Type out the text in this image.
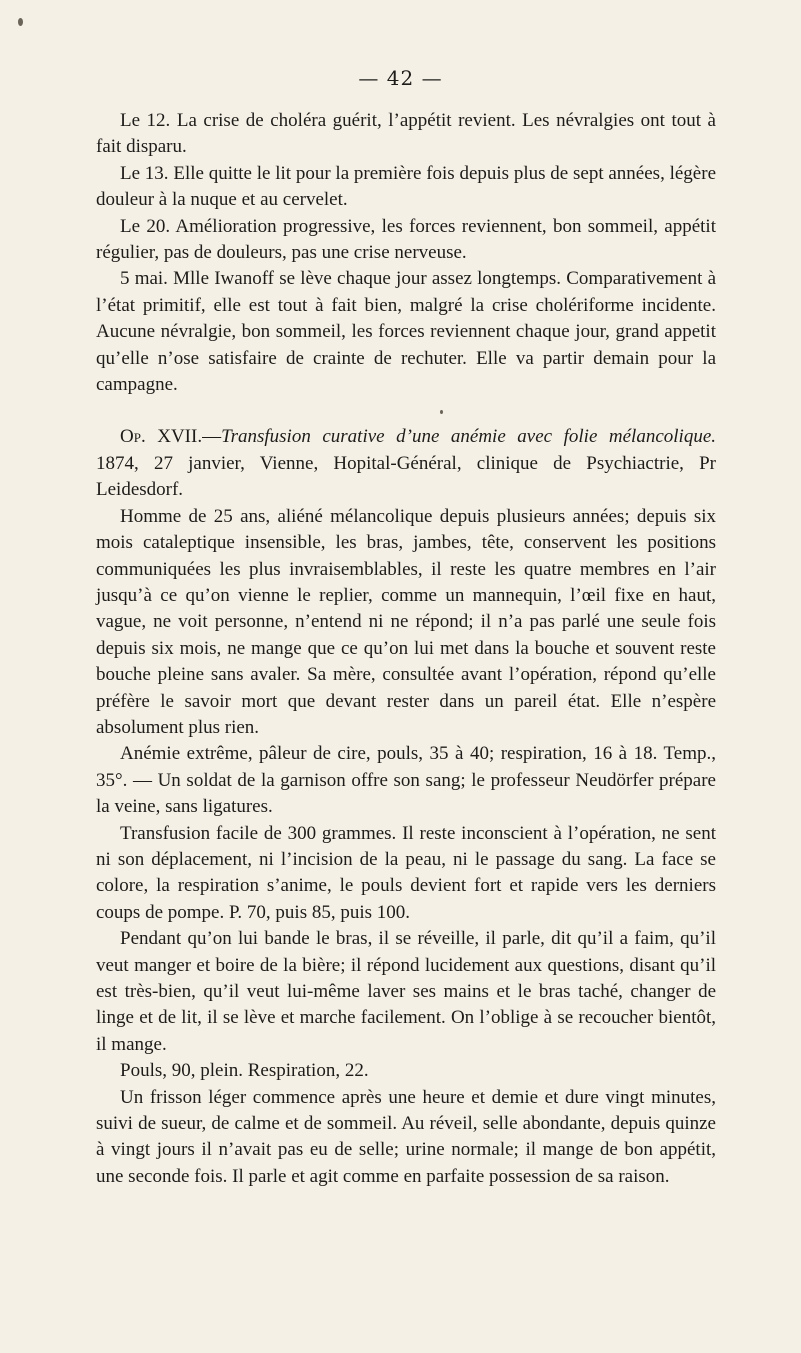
— 42 —

Le 12. La crise de choléra guérit, l’appétit revient. Les névralgies ont tout à fait disparu.

Le 13. Elle quitte le lit pour la première fois depuis plus de sept années, légère douleur à la nuque et au cervelet.

Le 20. Amélioration progressive, les forces reviennent, bon sommeil, appétit régulier, pas de douleurs, pas une crise nerveuse.

5 mai. Mlle Iwanoff se lève chaque jour assez longtemps. Comparativement à l’état primitif, elle est tout à fait bien, malgré la crise cholériforme incidente. Aucune névralgie, bon sommeil, les forces reviennent chaque jour, grand appetit qu’elle n’ose satisfaire de crainte de rechuter. Elle va partir demain pour la campagne.

Op. XVII.—Transfusion curative d’une anémie avec folie mélancolique. 1874, 27 janvier, Vienne, Hopital-Général, clinique de Psychiactrie, Pr Leidesdorf.

Homme de 25 ans, aliéné mélancolique depuis plusieurs années; depuis six mois cataleptique insensible, les bras, jambes, tête, conservent les positions communiquées les plus invraisemblables, il reste les quatre membres en l’air jusqu’à ce qu’on vienne le replier, comme un mannequin, l’œil fixe en haut, vague, ne voit personne, n’entend ni ne répond; il n’a pas parlé une seule fois depuis six mois, ne mange que ce qu’on lui met dans la bouche et souvent reste bouche pleine sans avaler. Sa mère, consultée avant l’opération, répond qu’elle préfère le savoir mort que devant rester dans un pareil état. Elle n’espère absolument plus rien.

Anémie extrême, pâleur de cire, pouls, 35 à 40; respiration, 16 à 18. Temp., 35°. — Un soldat de la garnison offre son sang; le professeur Neudörfer prépare la veine, sans ligatures.

Transfusion facile de 300 grammes. Il reste inconscient à l’opération, ne sent ni son déplacement, ni l’incision de la peau, ni le passage du sang. La face se colore, la respiration s’anime, le pouls devient fort et rapide vers les derniers coups de pompe. P. 70, puis 85, puis 100.

Pendant qu’on lui bande le bras, il se réveille, il parle, dit qu’il a faim, qu’il veut manger et boire de la bière; il répond lucidement aux questions, disant qu’il est très-bien, qu’il veut lui-même laver ses mains et le bras taché, changer de linge et de lit, il se lève et marche facilement. On l’oblige à se recoucher bientôt, il mange.

Pouls, 90, plein. Respiration, 22.

Un frisson léger commence après une heure et demie et dure vingt minutes, suivi de sueur, de calme et de sommeil. Au réveil, selle abondante, depuis quinze à vingt jours il n’avait pas eu de selle; urine normale; il mange de bon appétit, une seconde fois. Il parle et agit comme en parfaite possession de sa raison.
